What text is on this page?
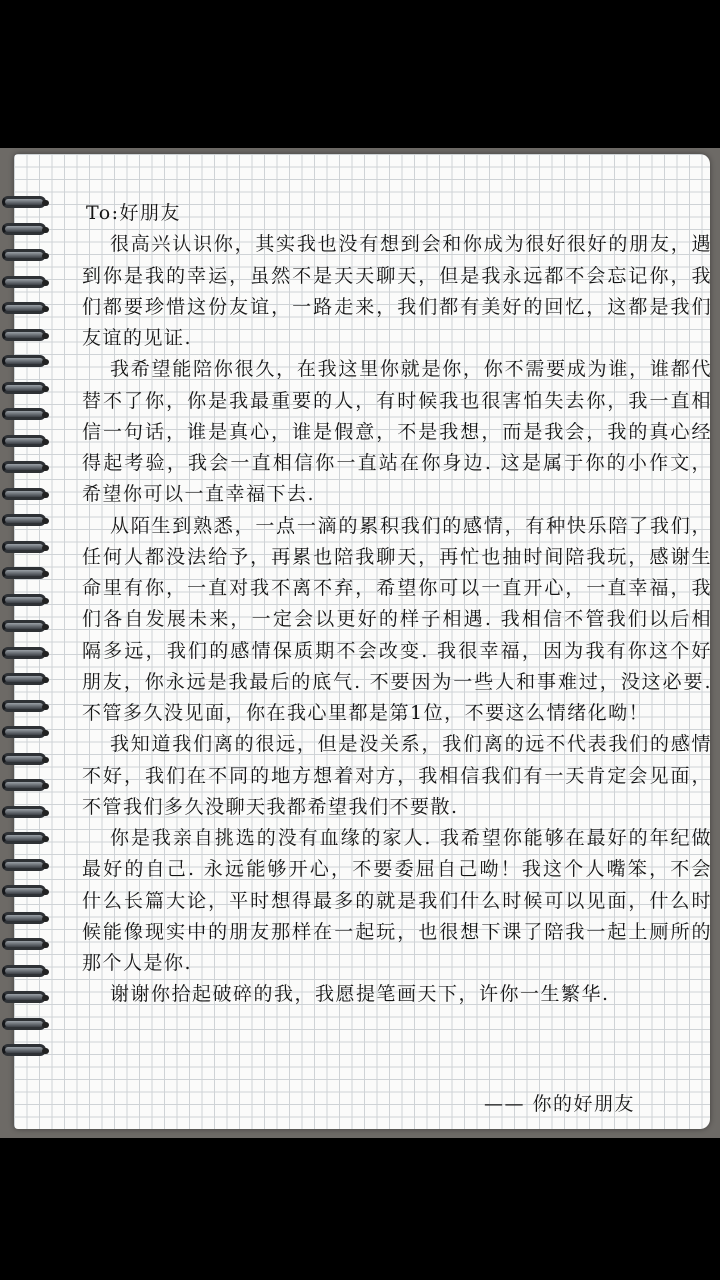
To:好朋友

很高兴认识你，其实我也没有想到会和你成为很好很好的朋友，遇到你是我的幸运，虽然不是天天聊天，但是我永远都不会忘记你，我们都要珍惜这份友谊，一路走来，我们都有美好的回忆，这都是我们友谊的见证.

我希望能陪你很久，在我这里你就是你，你不需要成为谁，谁都代替不了你，你是我最重要的人，有时候我也很害怕失去你，我一直相信一句话，谁是真心，谁是假意，不是我想，而是我会，我的真心经得起考验，我会一直相信你一直站在你身边. 这是属于你的小作文，希望你可以一直幸福下去.

从陌生到熟悉，一点一滴的累积我们的感情，有种快乐陪了我们，任何人都没法给予，再累也陪我聊天，再忙也抽时间陪我玩，感谢生命里有你，一直对我不离不弃，希望你可以一直开心，一直幸福，我们各自发展未来，一定会以更好的样子相遇. 我相信不管我们以后相隔多远，我们的感情保质期不会改变. 我很幸福，因为我有你这个好朋友，你永远是我最后的底气. 不要因为一些人和事难过，没这必要. 不管多久没见面，你在我心里都是第1位，不要这么情绪化呦！

我知道我们离的很远，但是没关系，我们离的远不代表我们的感情不好，我们在不同的地方想着对方，我相信我们有一天肯定会见面，不管我们多久没聊天我都希望我们不要散.

你是我亲自挑选的没有血缘的家人. 我希望你能够在最好的年纪做最好的自己. 永远能够开心，不要委屈自己呦！我这个人嘴笨，不会什么长篇大论，平时想得最多的就是我们什么时候可以见面，什么时候能像现实中的朋友那样在一起玩，也很想下课了陪我一起上厕所的那个人是你.

谢谢你拾起破碎的我，我愿提笔画天下，许你一生繁华.

—— 你的好朋友
